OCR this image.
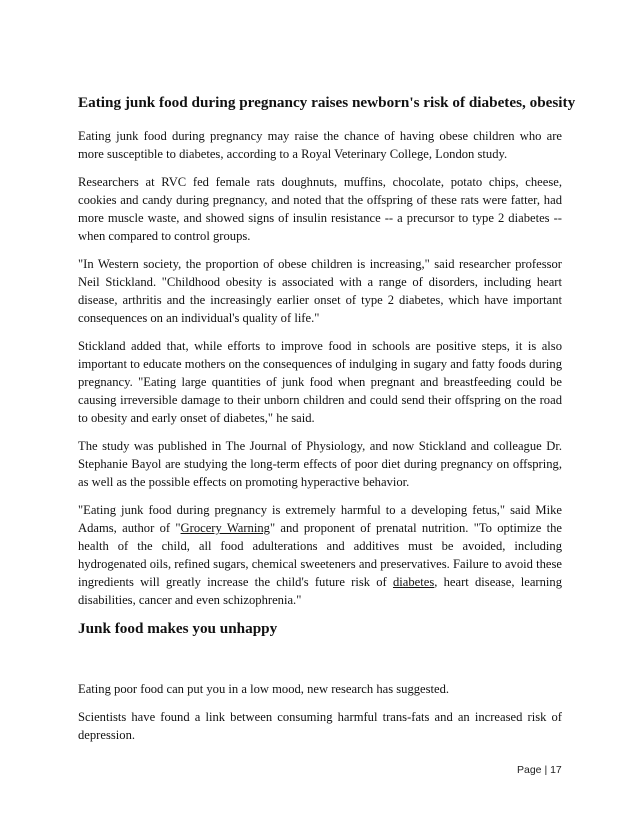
Eating junk food during pregnancy raises newborn's risk of diabetes, obesity

Eating junk food during pregnancy may raise the chance of having obese children who are more susceptible to diabetes, according to a Royal Veterinary College, London study.

Researchers at RVC fed female rats doughnuts, muffins, chocolate, potato chips, cheese, cookies and candy during pregnancy, and noted that the offspring of these rats were fatter, had more muscle waste, and showed signs of insulin resistance -- a precursor to type 2 diabetes -- when compared to control groups.

"In Western society, the proportion of obese children is increasing," said researcher professor Neil Stickland. "Childhood obesity is associated with a range of disorders, including heart disease, arthritis and the increasingly earlier onset of type 2 diabetes, which have important consequences on an individual's quality of life."

Stickland added that, while efforts to improve food in schools are positive steps, it is also important to educate mothers on the consequences of indulging in sugary and fatty foods during pregnancy. "Eating large quantities of junk food when pregnant and breastfeeding could be causing irreversible damage to their unborn children and could send their offspring on the road to obesity and early onset of diabetes," he said.

The study was published in The Journal of Physiology, and now Stickland and colleague Dr. Stephanie Bayol are studying the long-term effects of poor diet during pregnancy on offspring, as well as the possible effects on promoting hyperactive behavior.

"Eating junk food during pregnancy is extremely harmful to a developing fetus," said Mike Adams, author of "Grocery Warning" and proponent of prenatal nutrition. "To optimize the health of the child, all food adulterations and additives must be avoided, including hydrogenated oils, refined sugars, chemical sweeteners and preservatives. Failure to avoid these ingredients will greatly increase the child's future risk of diabetes, heart disease, learning disabilities, cancer and even schizophrenia."

Junk food makes you unhappy

Eating poor food can put you in a low mood, new research has suggested.

Scientists have found a link between consuming harmful trans-fats and an increased risk of depression.

Page | 17
